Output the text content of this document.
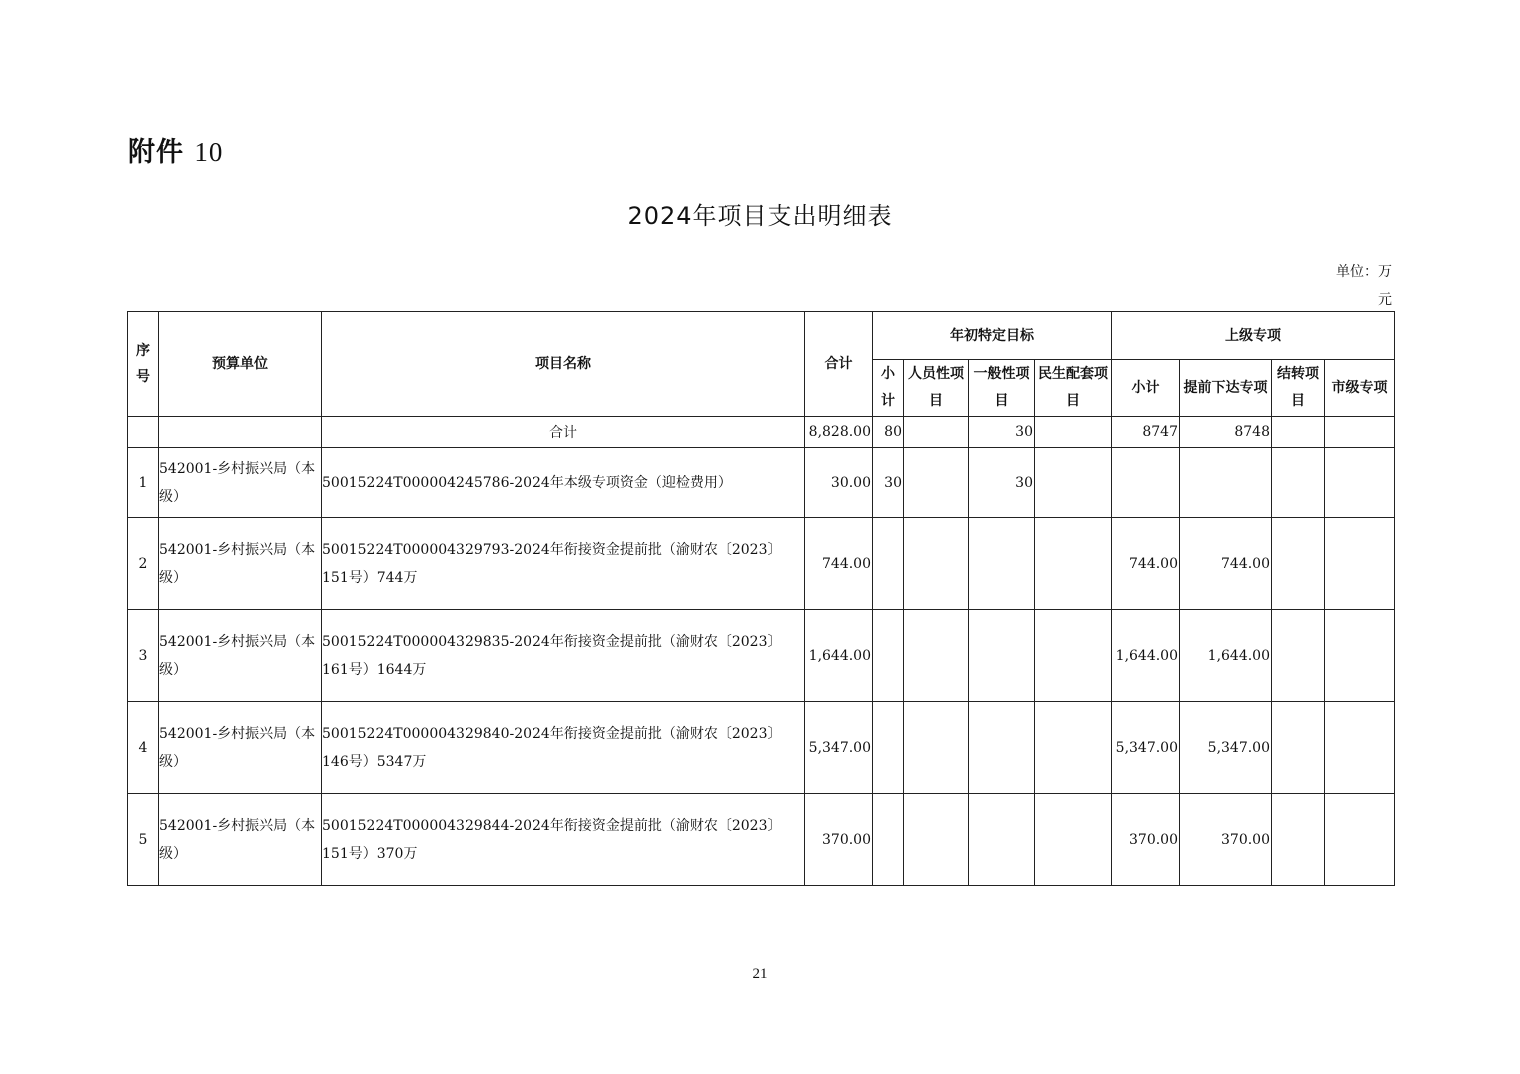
附件 10
2024年项目支出明细表
单位：万
元
序号	预算单位	项目名称	合计	年初特定目标				上级专项			

				小计	人员性项目	一般性项目	民生配套项目	小计	提前下达专项	结转项目	市级专项
		合计	8,828.00	80		30		8747	8748		
1	542001-乡村振兴局（本级）	50015224T000004245786-2024年本级专项资金（迎检费用）	30.00	30		30					
2	542001-乡村振兴局（本级）	50015224T000004329793-2024年衔接资金提前批（渝财农〔2023〕151号）744万	744.00					744.00	744.00		
3	542001-乡村振兴局（本级）	50015224T000004329835-2024年衔接资金提前批（渝财农〔2023〕161号）1644万	1,644.00					1,644.00	1,644.00		
4	542001-乡村振兴局（本级）	50015224T000004329840-2024年衔接资金提前批（渝财农〔2023〕146号）5347万	5,347.00					5,347.00	5,347.00		
5	542001-乡村振兴局（本级）	50015224T000004329844-2024年衔接资金提前批（渝财农〔2023〕151号）370万	370.00					370.00	370.00		
21
